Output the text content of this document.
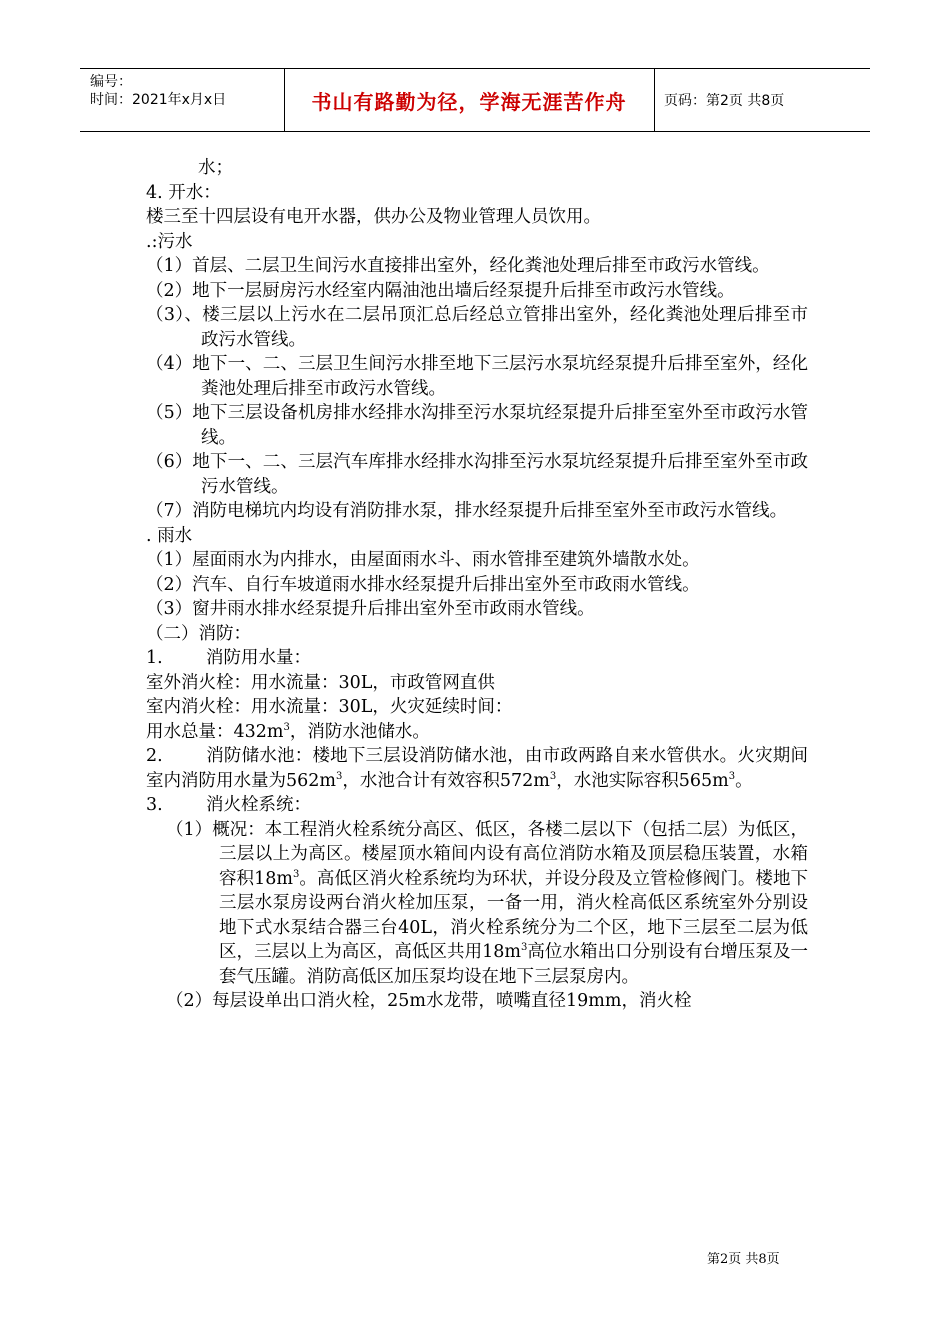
编号：
时间：2021年x月x日	书山有路勤为径，学海无涯苦作舟	页码：第2页 共8页
水；
4. 开水：
楼三至十四层设有电开水器，供办公及物业管理人员饮用。
.:污水
（1）首层、二层卫生间污水直接排出室外，经化粪池处理后排至市政污水管线。
（2）地下一层厨房污水经室内隔油池出墙后经泵提升后排至市政污水管线。
（3）、楼三层以上污水在二层吊顶汇总后经总立管排出室外，经化粪池处理后排至市政污水管线。
（4）地下一、二、三层卫生间污水排至地下三层污水泵坑经泵提升后排至室外，经化粪池处理后排至市政污水管线。
（5）地下三层设备机房排水经排水沟排至污水泵坑经泵提升后排至室外至市政污水管线。
（6）地下一、二、三层汽车库排水经排水沟排至污水泵坑经泵提升后排至室外至市政污水管线。
（7）消防电梯坑内均设有消防排水泵，排水经泵提升后排至室外至市政污水管线。
. 雨水
（1）屋面雨水为内排水，由屋面雨水斗、雨水管排至建筑外墙散水处。
（2）汽车、自行车坡道雨水排水经泵提升后排出室外至市政雨水管线。
（3）窗井雨水排水经泵提升后排出室外至市政雨水管线。
（二）消防：
1. 消防用水量：
室外消火栓：用水流量：30L，市政管网直供
室内消火栓：用水流量：30L，火灾延续时间：
用水总量：$432m^3$，消防水池储水。
2. 消防储水池：楼地下三层设消防储水池，由市政两路自来水管供水。火灾期间室内消防用水量为$562m^3$，水池合计有效容积$572m^3$，水池实际容积$565m^3$。
3. 消火栓系统：
（1）概况：本工程消火栓系统分高区、低区，各楼二层以下（包括二层）为低区，三层以上为高区。楼屋顶水箱间内设有高位消防水箱及顶层稳压装置，水箱容积$18m^3$。高低区消火栓系统均为环状，并设分段及立管检修阀门。楼地下三层水泵房设两台消火栓加压泵，一备一用，消火栓高低区系统室外分别设地下式水泵结合器三台40L，消火栓系统分为二个区，地下三层至二层为低区，三层以上为高区，高低区共用$18m^3$高位水箱出口分别设有台增压泵及一套气压罐。消防高低区加压泵均设在地下三层泵房内。
（2）每层设单出口消火栓，25m水龙带，喷嘴直径19mm，消火栓
第2页 共8页
